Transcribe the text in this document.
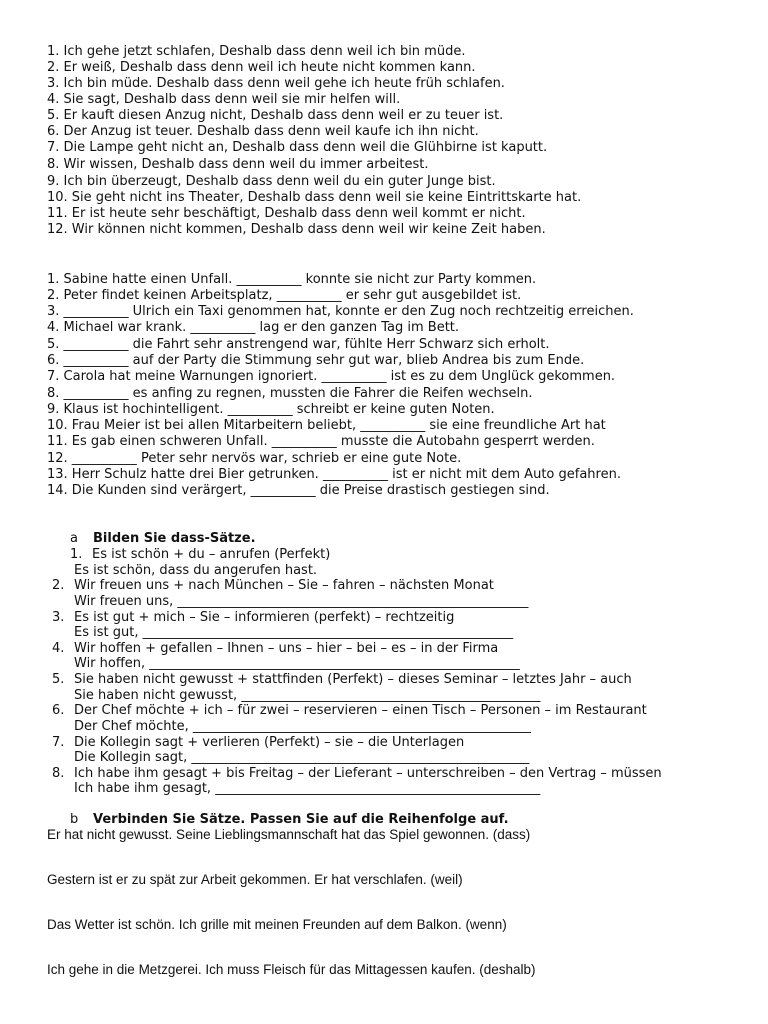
1. Ich gehe jetzt schlafen, Deshalb dass denn weil ich bin müde.
2. Er weiß, Deshalb dass denn weil ich heute nicht kommen kann.
3. Ich bin müde. Deshalb dass denn weil gehe ich heute früh schlafen.
4. Sie sagt, Deshalb dass denn weil sie mir helfen will.
5. Er kauft diesen Anzug nicht, Deshalb dass denn weil er zu teuer ist.
6. Der Anzug ist teuer. Deshalb dass denn weil kaufe ich ihn nicht.
7. Die Lampe geht nicht an, Deshalb dass denn weil die Glühbirne ist kaputt.
8. Wir wissen, Deshalb dass denn weil du immer arbeitest.
9. Ich bin überzeugt, Deshalb dass denn weil du ein guter Junge bist.
10. Sie geht nicht ins Theater, Deshalb dass denn weil sie keine Eintrittskarte hat.
11. Er ist heute sehr beschäftigt, Deshalb dass denn weil kommt er nicht.
12. Wir können nicht kommen, Deshalb dass denn weil wir keine Zeit haben.
1. Sabine hatte einen Unfall. __________ konnte sie nicht zur Party kommen.
2. Peter findet keinen Arbeitsplatz, __________ er sehr gut ausgebildet ist.
3. __________ Ulrich ein Taxi genommen hat, konnte er den Zug noch rechtzeitig erreichen.
4. Michael war krank. __________ lag er den ganzen Tag im Bett.
5. __________ die Fahrt sehr anstrengend war, fühlte Herr Schwarz sich erholt.
6. __________ auf der Party die Stimmung sehr gut war, blieb Andrea bis zum Ende.
7. Carola hat meine Warnungen ignoriert. __________ ist es zu dem Unglück gekommen.
8. __________ es anfing zu regnen, mussten die Fahrer die Reifen wechseln.
9. Klaus ist hochintelligent. __________ schreibt er keine guten Noten.
10. Frau Meier ist bei allen Mitarbeitern beliebt, __________ sie eine freundliche Art hat
11. Es gab einen schweren Unfall. __________ musste die Autobahn gesperrt werden.
12. __________ Peter sehr nervös war, schrieb er eine gute Note.
13. Herr Schulz hatte drei Bier getrunken. __________ ist er nicht mit dem Auto gefahren.
14. Die Kunden sind verärgert, __________ die Preise drastisch gestiegen sind.
a Bilden Sie dass-Sätze.
1. Es ist schön + du – anrufen (Perfekt)
Es ist schön, dass du angerufen hast.
2. Wir freuen uns + nach München – Sie – fahren – nächsten Monat
Wir freuen uns, ______________________________________________________
3. Es ist gut + mich – Sie – informieren (perfekt) – rechtzeitig
Es ist gut, _________________________________________________________
4. Wir hoffen + gefallen – Ihnen – uns – hier – bei – es – in der Firma
Wir hoffen, _________________________________________________________
5. Sie haben nicht gewusst + stattfinden (Perfekt) – dieses Seminar – letztes Jahr – auch
Sie haben nicht gewusst, ______________________________________________
6. Der Chef möchte + ich – für zwei – reservieren – einen Tisch – Personen – im Restaurant
Der Chef möchte, ____________________________________________________
7. Die Kollegin sagt + verlieren (Perfekt) – sie – die Unterlagen
Die Kollegin sagt, ____________________________________________________
8. Ich habe ihm gesagt + bis Freitag – der Lieferant – unterschreiben – den Vertrag – müssen
Ich habe ihm gesagt, __________________________________________________
b Verbinden Sie Sätze. Passen Sie auf die Reihenfolge auf.
Er hat nicht gewusst. Seine Lieblingsmannschaft hat das Spiel gewonnen. (dass)
Gestern ist er zu spät zur Arbeit gekommen. Er hat verschlafen. (weil)
Das Wetter ist schön. Ich grille mit meinen Freunden auf dem Balkon. (wenn)
Ich gehe in die Metzgerei. Ich muss Fleisch für das Mittagessen kaufen. (deshalb)
